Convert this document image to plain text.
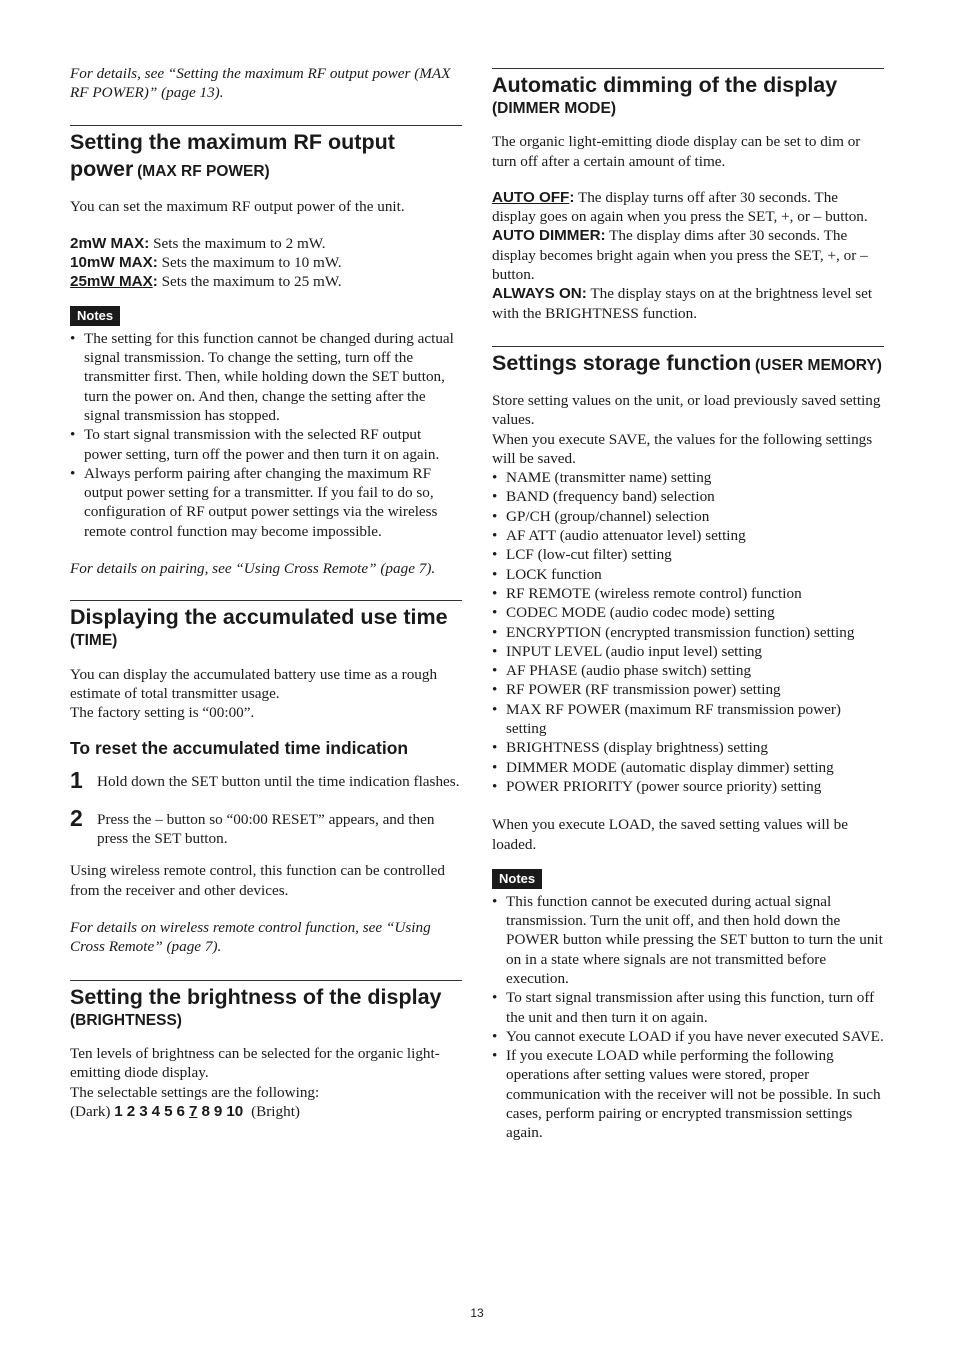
For details, see “Setting the maximum RF output power (MAX RF POWER)” (page 13).

Setting the maximum RF output power (MAX RF POWER)

You can set the maximum RF output power of the unit.

2mW MAX: Sets the maximum to 2 mW.

10mW MAX: Sets the maximum to 10 mW.

25mW MAX: Sets the maximum to 25 mW.

Notes
• The setting for this function cannot be changed during actual signal transmission. To change the setting, turn off the transmitter first. Then, while holding down the SET button, turn the power on. And then, change the setting after the signal transmission has stopped.
• To start signal transmission with the selected RF output power setting, turn off the power and then turn it on again.
• Always perform pairing after changing the maximum RF output power setting for a transmitter. If you fail to do so, configuration of RF output power settings via the wireless remote control function may become impossible.

For details on pairing, see “Using Cross Remote” (page 7).

Displaying the accumulated use time
(TIME)

You can display the accumulated battery use time as a rough estimate of total transmitter usage.

The factory setting is “00:00”.

To reset the accumulated time indication

1 Hold down the SET button until the time indication flashes.
2 Press the – button so “00:00 RESET” appears, and then press the SET button.

Using wireless remote control, this function can be controlled from the receiver and other devices.

For details on wireless remote control function, see “Using Cross Remote” (page 7).

Setting the brightness of the display
(BRIGHTNESS)

Ten levels of brightness can be selected for the organic light-emitting diode display.

The selectable settings are the following:

(Dark) 1 2 3 4 5 6 7 8 9 10 (Bright)

Automatic dimming of the display
(DIMMER MODE)

The organic light-emitting diode display can be set to dim or turn off after a certain amount of time.

AUTO OFF: The display turns off after 30 seconds. The display goes on again when you press the SET, +, or – button.

AUTO DIMMER: The display dims after 30 seconds. The display becomes bright again when you press the SET, +, or – button.

ALWAYS ON: The display stays on at the brightness level set with the BRIGHTNESS function.

Settings storage function (USER MEMORY)

Store setting values on the unit, or load previously saved setting values.

When you execute SAVE, the values for the following settings will be saved.

• NAME (transmitter name) setting
• BAND (frequency band) selection
• GP/CH (group/channel) selection
• AF ATT (audio attenuator level) setting
• LCF (low-cut filter) setting
• LOCK function
• RF REMOTE (wireless remote control) function
• CODEC MODE (audio codec mode) setting
• ENCRYPTION (encrypted transmission function) setting
• INPUT LEVEL (audio input level) setting
• AF PHASE (audio phase switch) setting
• RF POWER (RF transmission power) setting
• MAX RF POWER (maximum RF transmission power) setting
• BRIGHTNESS (display brightness) setting
• DIMMER MODE (automatic display dimmer) setting
• POWER PRIORITY (power source priority) setting

When you execute LOAD, the saved setting values will be loaded.

Notes
• This function cannot be executed during actual signal transmission. Turn the unit off, and then hold down the POWER button while pressing the SET button to turn the unit on in a state where signals are not transmitted before execution.
• To start signal transmission after using this function, turn off the unit and then turn it on again.
• You cannot execute LOAD if you have never executed SAVE.
• If you execute LOAD while performing the following operations after setting values were stored, proper communication with the receiver will not be possible. In such cases, perform pairing or encrypted transmission settings again.
13
